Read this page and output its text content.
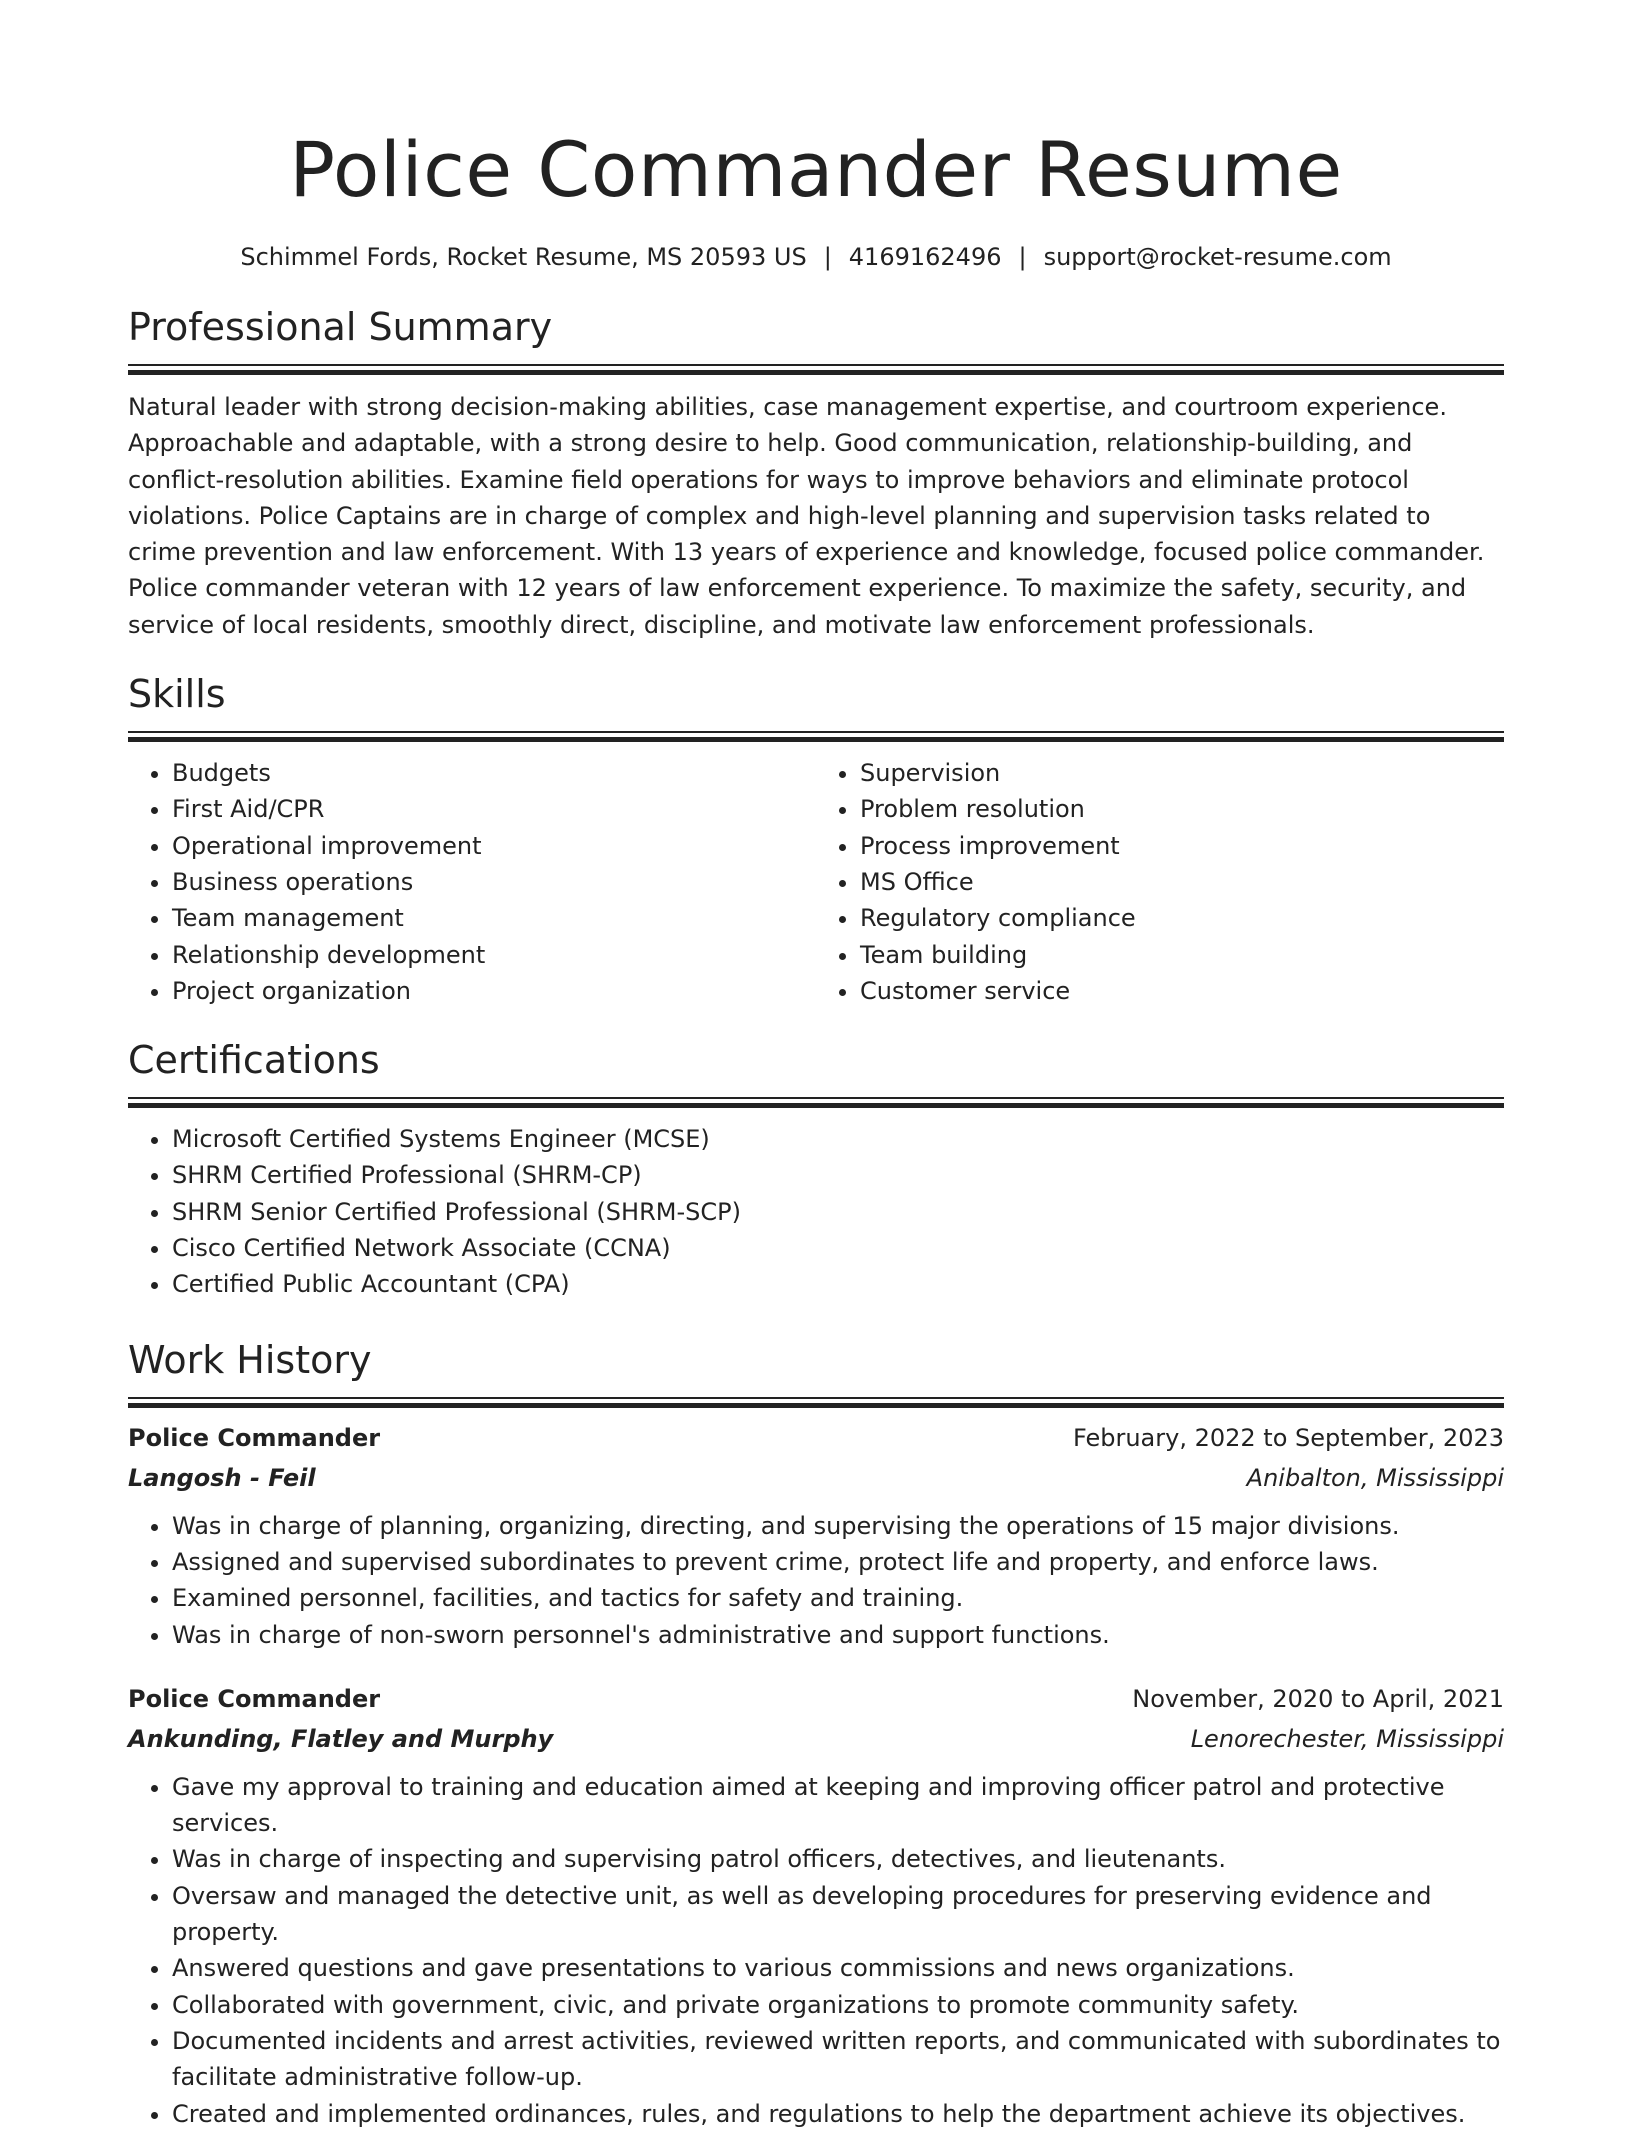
Police Commander Resume
Schimmel Fords, Rocket Resume, MS 20593 US | 4169162496 | support@rocket-resume.com
Professional Summary

Natural leader with strong decision-making abilities, case management expertise, and courtroom experience. Approachable and adaptable, with a strong desire to help. Good communication, relationship-building, and conflict-resolution abilities. Examine field operations for ways to improve behaviors and eliminate protocol violations. Police Captains are in charge of complex and high-level planning and supervision tasks related to crime prevention and law enforcement. With 13 years of experience and knowledge, focused police commander. Police commander veteran with 12 years of law enforcement experience. To maximize the safety, security, and service of local residents, smoothly direct, discipline, and motivate law enforcement professionals.

Skills
• Budgets
• First Aid/CPR
• Operational improvement
• Business operations
• Team management
• Relationship development
• Project organization
• Supervision
• Problem resolution
• Process improvement
• MS Office
• Regulatory compliance
• Team building
• Customer service
Certifications
• Microsoft Certified Systems Engineer (MCSE)
• SHRM Certified Professional (SHRM-CP)
• SHRM Senior Certified Professional (SHRM-SCP)
• Cisco Certified Network Associate (CCNA)
• Certified Public Accountant (CPA)
Work History
Police Commander	February, 2022 to September, 2023
Langosh - Feil	Anibalton, Mississippi
• Was in charge of planning, organizing, directing, and supervising the operations of 15 major divisions.
• Assigned and supervised subordinates to prevent crime, protect life and property, and enforce laws.
• Examined personnel, facilities, and tactics for safety and training.
• Was in charge of non-sworn personnel's administrative and support functions.
Police Commander	November, 2020 to April, 2021
Ankunding, Flatley and Murphy	Lenorechester, Mississippi
• Gave my approval to training and education aimed at keeping and improving officer patrol and protective services.
• Was in charge of inspecting and supervising patrol officers, detectives, and lieutenants.
• Oversaw and managed the detective unit, as well as developing procedures for preserving evidence and property.
• Answered questions and gave presentations to various commissions and news organizations.
• Collaborated with government, civic, and private organizations to promote community safety.
• Documented incidents and arrest activities, reviewed written reports, and communicated with subordinates to facilitate administrative follow-up.
• Created and implemented ordinances, rules, and regulations to help the department achieve its objectives.
